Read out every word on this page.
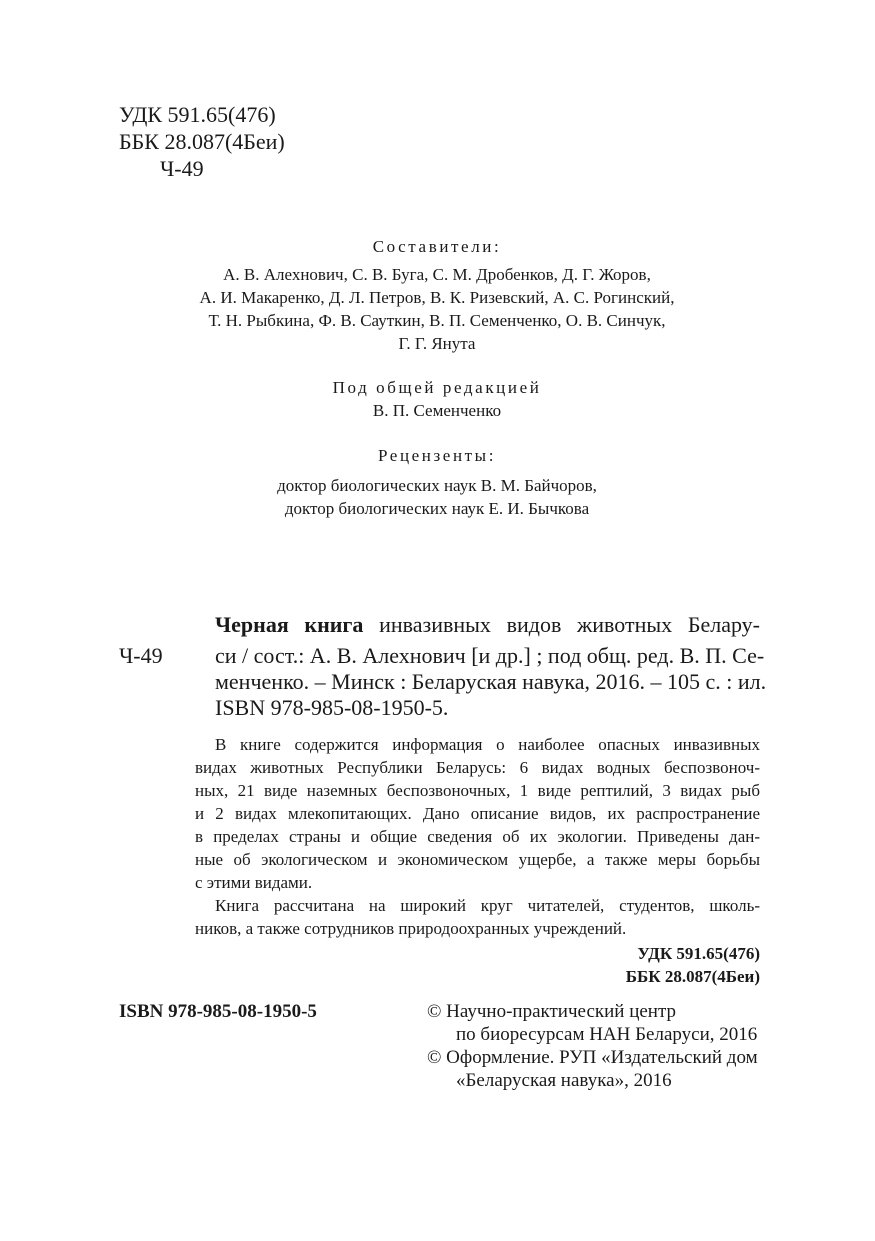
УДК 591.65(476)
ББК 28.087(4Беи)
Ч-49
Составители:
А. В. Алехнович, С. В. Буга, С. М. Дробенков, Д. Г. Жоров,
А. И. Макаренко, Д. Л. Петров, В. К. Ризевский, А. С. Рогинский,
Т. Н. Рыбкина, Ф. В. Сауткин, В. П. Семенченко, О. В. Синчук,
Г. Г. Янута
Под общей редакцией
В. П. Семенченко
Рецензенты:
доктор биологических наук В. М. Байчоров,
доктор биологических наук Е. И. Бычкова
Черная книга инвазивных видов животных Белару-
Ч-49 си / сост.: А. В. Алехнович [и др.] ; под общ. ред. В. П. Се-
менченко. – Минск : Беларуская навука, 2016. – 105 с. : ил.
ISBN 978-985-08-1950-5.
В книге содержится информация о наиболее опасных инвазивных
видах животных Республики Беларусь: 6 видах водных беспозвоноч-
ных, 21 виде наземных беспозвоночных, 1 виде рептилий, 3 видах рыб
и 2 видах млекопитающих. Дано описание видов, их распространение
в пределах страны и общие сведения об их экологии. Приведены дан-
ные об экологическом и экономическом ущербе, а также меры борьбы
с этими видами.
Книга рассчитана на широкий круг читателей, студентов, школь-
ников, а также сотрудников природоохранных учреждений.
УДК 591.65(476)
ББК 28.087(4Беи)
ISBN 978-985-08-1950-5	© Научно-практический центр
по биоресурсам НАН Беларуси, 2016
© Оформление. РУП «Издательский дом
«Беларуская навука», 2016
